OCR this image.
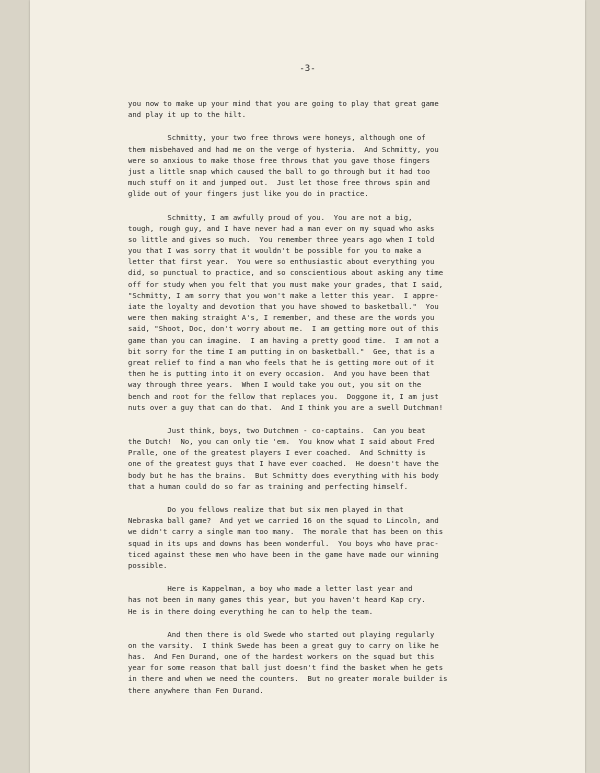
-3-
you now to make up your mind that you are going to play that great game
and play it up to the hilt.
Schmitty, your two free throws were honeys, although one of
them misbehaved and had me on the verge of hysteria.  And Schmitty, you
were so anxious to make those free throws that you gave those fingers
just a little snap which caused the ball to go through but it had too
much stuff on it and jumped out.  Just let those free throws spin and
glide out of your fingers just like you do in practice.
Schmitty, I am awfully proud of you.  You are not a big,
tough, rough guy, and I have never had a man ever on my squad who asks
so little and gives so much.  You remember three years ago when I told
you that I was sorry that it wouldn't be possible for you to make a
letter that first year.  You were so enthusiastic about everything you
did, so punctual to practice, and so conscientious about asking any time
off for study when you felt that you must make your grades, that I said,
"Schmitty, I am sorry that you won't make a letter this year.  I appre-
iate the loyalty and devotion that you have showed to basketball."  You
were then making straight A's, I remember, and these are the words you
said, "Shoot, Doc, don't worry about me.  I am getting more out of this
game than you can imagine.  I am having a pretty good time.  I am not a
bit sorry for the time I am putting in on basketball."  Gee, that is a
great relief to find a man who feels that he is getting more out of it
then he is putting into it on every occasion.  And you have been that
way through three years.  When I would take you out, you sit on the
bench and root for the fellow that replaces you.  Doggone it, I am just
nuts over a guy that can do that.  And I think you are a swell Dutchman!
Just think, boys, two Dutchmen - co-captains.  Can you beat
the Dutch!  No, you can only tie 'em.  You know what I said about Fred
Pralle, one of the greatest players I ever coached.  And Schmitty is
one of the greatest guys that I have ever coached.  He doesn't have the
body but he has the brains.  But Schmitty does everything with his body
that a human could do so far as training and perfecting himself.
Do you fellows realize that but six men played in that
Nebraska ball game?  And yet we carried 16 on the squad to Lincoln, and
we didn't carry a single man too many.  The morale that has been on this
squad in its ups and downs has been wonderful.  You boys who have prac-
ticed against these men who have been in the game have made our winning
possible.
Here is Kappelman, a boy who made a letter last year and
has not been in many games this year, but you haven't heard Kap cry.
He is in there doing everything he can to help the team.
And then there is old Swede who started out playing regularly
on the varsity.  I think Swede has been a great guy to carry on like he
has.  And Fen Durand, one of the hardest workers on the squad but this
year for some reason that ball just doesn't find the basket when he gets
in there and when we need the counters.  But no greater morale builder is
there anywhere than Fen Durand.
